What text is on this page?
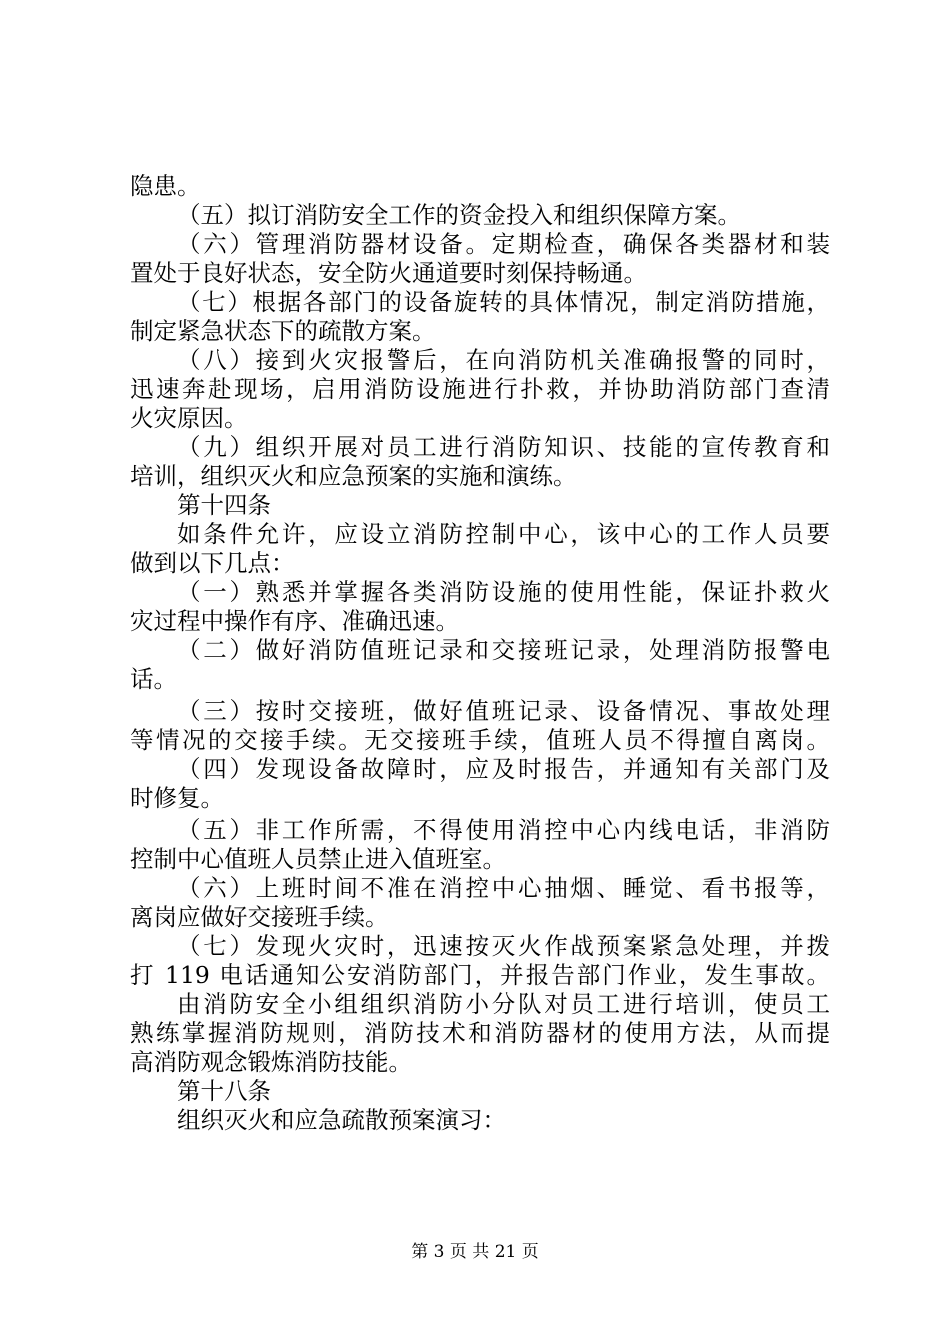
隐患。
（五）拟订消防安全工作的资金投入和组织保障方案。
（六）管理消防器材设备。定期检查，确保各类器材和装
置处于良好状态，安全防火通道要时刻保持畅通。
（七）根据各部门的设备旋转的具体情况，制定消防措施，
制定紧急状态下的疏散方案。
（八）接到火灾报警后，在向消防机关准确报警的同时，
迅速奔赴现场，启用消防设施进行扑救，并协助消防部门查清
火灾原因。
（九）组织开展对员工进行消防知识、技能的宣传教育和
培训，组织灭火和应急预案的实施和演练。
第十四条
如条件允许，应设立消防控制中心，该中心的工作人员要
做到以下几点：
（一）熟悉并掌握各类消防设施的使用性能，保证扑救火
灾过程中操作有序、准确迅速。
（二）做好消防值班记录和交接班记录，处理消防报警电
话。
（三）按时交接班，做好值班记录、设备情况、事故处理
等情况的交接手续。无交接班手续，值班人员不得擅自离岗。
（四）发现设备故障时，应及时报告，并通知有关部门及
时修复。
（五）非工作所需，不得使用消控中心内线电话，非消防
控制中心值班人员禁止进入值班室。
（六）上班时间不准在消控中心抽烟、睡觉、看书报等，
离岗应做好交接班手续。
（七）发现火灾时，迅速按灭火作战预案紧急处理，并拨
打 119 电话通知公安消防部门，并报告部门作业，发生事故。
由消防安全小组组织消防小分队对员工进行培训，使员工
熟练掌握消防规则，消防技术和消防器材的使用方法，从而提
高消防观念锻炼消防技能。
第十八条
组织灭火和应急疏散预案演习：
第 3 页 共 21 页
